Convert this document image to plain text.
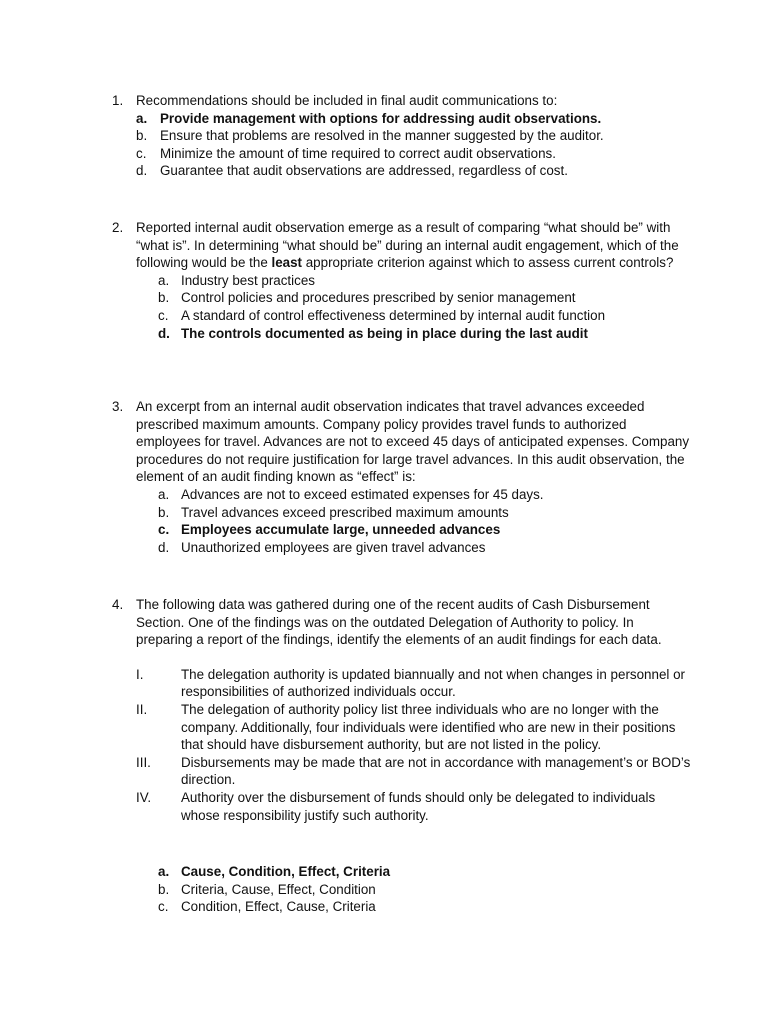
1. Recommendations should be included in final audit communications to:
a. Provide management with options for addressing audit observations.
b. Ensure that problems are resolved in the manner suggested by the auditor.
c.	Minimize the amount of time required to correct audit observations.
d. Guarantee that audit observations are addressed, regardless of cost.
2. Reported internal audit observation emerge as a result of comparing “what should be” with “what is”. In determining “what should be” during an internal audit engagement, which of the following would be the least appropriate criterion against which to assess current controls?
a. Industry best practices
b. Control policies and procedures prescribed by senior management
c. A standard of control effectiveness determined by internal audit function
d. The controls documented as being in place during the last audit
3. An excerpt from an internal audit observation indicates that travel advances exceeded prescribed maximum amounts. Company policy provides travel funds to authorized employees for travel. Advances are not to exceed 45 days of anticipated expenses. Company procedures do not require justification for large travel advances. In this audit observation, the element of an audit finding known as “effect” is:
a. Advances are not to exceed estimated expenses for 45 days.
b. Travel advances exceed prescribed maximum amounts
c. Employees accumulate large, unneeded advances
d. Unauthorized employees are given travel advances
4. The following data was gathered during one of the recent audits of Cash Disbursement Section. One of the findings was on the outdated Delegation of Authority to policy. In preparing a report of the findings, identify the elements of an audit findings for each data.
I.	The delegation authority is updated biannually and not when changes in personnel or responsibilities of authorized individuals occur.
II.	The delegation of authority policy list three individuals who are no longer with the company. Additionally, four individuals were identified who are new in their positions that should have disbursement authority, but are not listed in the policy.
III.	Disbursements may be made that are not in accordance with management’s or BOD’s direction.
IV.	Authority over the disbursement of funds should only be delegated to individuals whose responsibility justify such authority.
a. Cause, Condition, Effect, Criteria
b. Criteria, Cause, Effect, Condition
c. Condition, Effect, Cause, Criteria
